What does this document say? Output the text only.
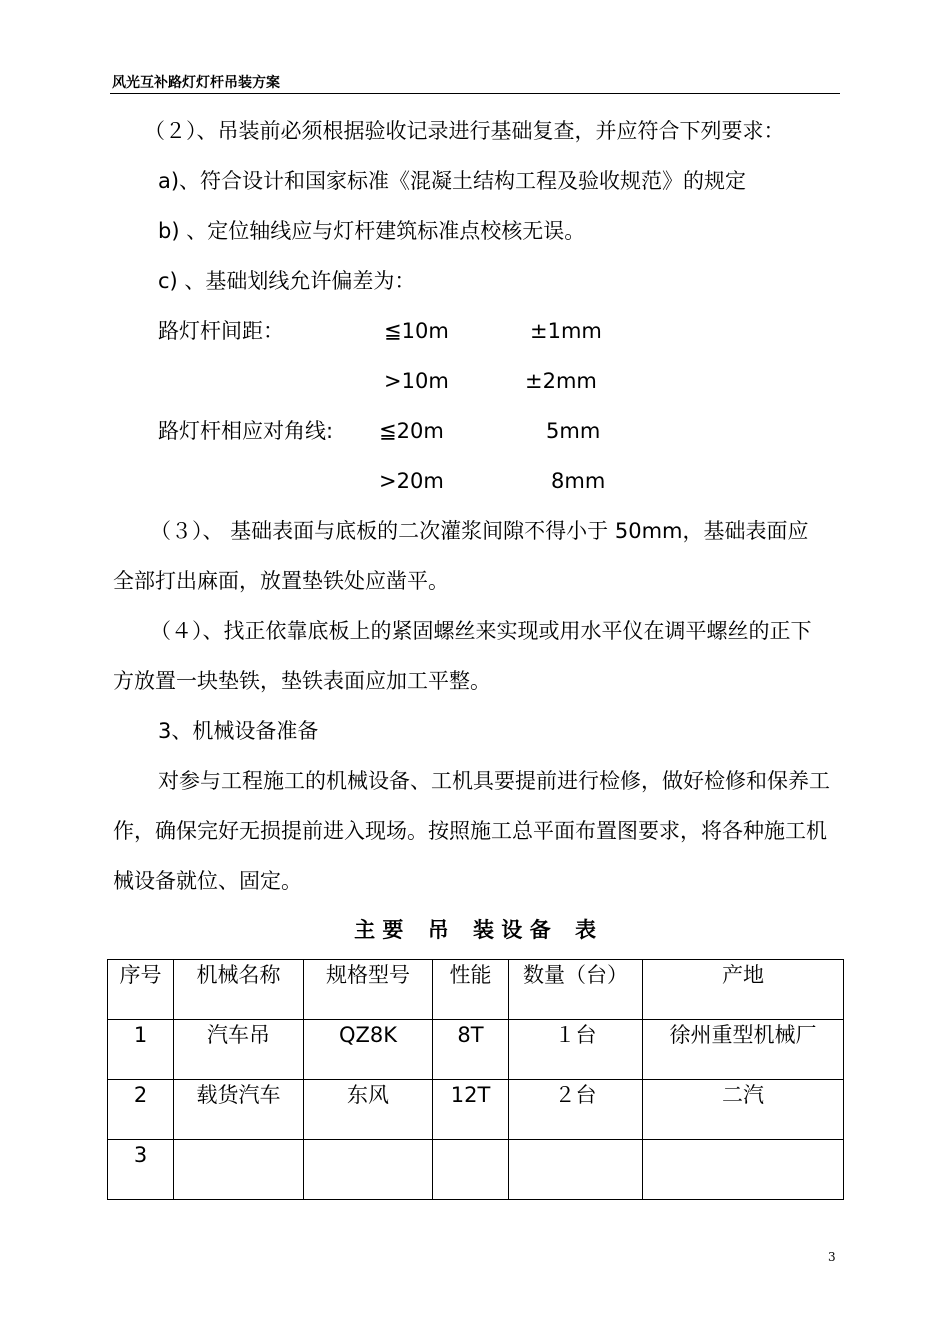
风光互补路灯灯杆吊装方案
（２）、吊装前必须根据验收记录进行基础复查，并应符合下列要求：
a)、符合设计和国家标准《混凝土结构工程及验收规范》的规定
b) 、定位轴线应与灯杆建筑标准点校核无误。
c) 、基础划线允许偏差为：
路灯杆间距：	≦10m	±1mm
>10m	±2mm
路灯杆相应对角线: ≦20m	5mm
>20m	8mm
（３）、 基础表面与底板的二次灌浆间隙不得小于 50mm，基础表面应
全部打出麻面，放置垫铁处应凿平。
（４）、找正依靠底板上的紧固螺丝来实现或用水平仪在调平螺丝的正下
方放置一块垫铁，垫铁表面应加工平整。
3、机械设备准备
对参与工程施工的机械设备、工机具要提前进行检修，做好检修和保养工
作，确保完好无损提前进入现场。按照施工总平面布置图要求，将各种施工机
械设备就位、固定。
主 要 吊 装 设 备 表
序号	机械名称	规格型号	性能	数量（台）	产地
1	汽车吊	QZ8K	8T	１台	徐州重型机械厂
2	载货汽车	东风	12T	２台	二汽
3					
3
